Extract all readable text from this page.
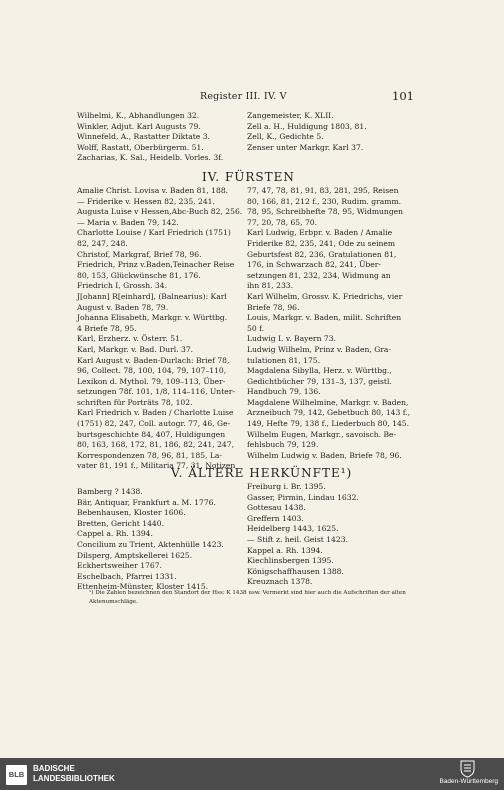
Register III. IV. V	101
Wilhelmi, K., Abhandlungen 32.
Winkler, Adjut. Karl Augusts 79.
Winnefeld, A., Rastatter Diktate 3.
Wolff, Rastatt, Oberbürgerm. 51.
Zacharias, K. Sal., Heidelb. Vorles. 3f.
Zangemeister, K. XLII.
Zell a. H., Huldigung 1803, 81.
Zell, K., Gedichte 5.
Zenser unter Markgr. Karl 37.
IV. FÜRSTEN
Amalie Christ. Lovisa v. Baden 81, 188.
— Friderike v. Hessen 82, 235, 241.
Augusta Luise v Hessen,Abc-Buch 82, 256.
— Maria v. Baden 79, 142.
Charlotte Louise / Karl Friedrich (1751)
82, 247, 248.
Christof, Markgraf, Brief 78, 96.
Friedrich, Prinz v.Baden,Teinacher Reise
80, 153, Glückwünsche 81, 176.
Friedrich I, Grossh. 34.
J[ohann] R[einhard], (Balnearius): Karl
August v. Baden 78, 79.
Johanna Elisabeth, Markgr. v. Württbg.
4 Briefe 78, 95.
Karl, Erzherz. v. Österr. 51.
Karl, Markgr. v. Bad. Durl. 37.
Karl August v. Baden-Durlach: Brief 78,
96, Collect. 78, 100, 104, 79, 107–110,
Lexikon d. Mythol. 79, 109–113, Über-
setzungen 78f. 101, 1/8, 114–116, Unter-
schriften für Porträts 78, 102.
Karl Friedrich v. Baden / Charlotte Luise
(1751) 82, 247, Coll. autogr. 77, 46, Ge-
burtsgeschichte 84, 407, Huldigungen
80, 163, 168, 172, 81, 186, 82, 241, 247,
Korrespondenzen 78, 96, 81, 185, La-
vater 81, 191 f., Militaria 77, 31, Notizen
77, 47, 78, 81, 91, 83, 281, 295, Reisen
80, 166, 81, 212 f., 230, Rudim. gramm.
78, 95, Schreibhefte 78, 95, Widmungen
77, 20, 78, 65, 70.
Karl Ludwig, Erbpr. v. Baden / Amalie
Friderike 82, 235, 241, Ode zu seinem
Geburtsfest 82, 236, Gratulationen 81,
176, in Schwarzach 82, 241, Über-
setzungen 81, 232, 234, Widmung an
ihn 81, 233.
Karl Wilhelm, Grossv. K. Friedrichs, vier
Briefe 78, 96.
Louis, Markgr. v. Baden, milit. Schriften
50 f.
Ludwig I. v. Bayern 73.
Ludwig Wilhelm, Prinz v. Baden, Gra-
tulationen 81, 175.
Magdalena Sibylla, Herz. v. Württbg.,
Gedichtbücher 79, 131–3, 137, geistl.
Handbuch 79, 136.
Magdalene Wilhelmine, Markgr. v. Baden,
Arzneibuch 79, 142, Gebetbuch 80, 143 f.,
149, Hefte 79, 138 f., Liederbuch 80, 145.
Wilhelm Eugen, Markgr., savoisch. Be-
fehlsbuch 79, 129.
Wilhelm Ludwig v. Baden, Briefe 78, 96.
V. ÄLTERE HERKÜNFTE¹)
Bamberg ? 1438.
Bär, Antiquar, Frankfurt a. M. 1776.
Bebenhausen, Kloster 1606.
Bretten, Gericht 1440.
Cappel a. Rh. 1394.
Concilium zu Trient, Aktenhülle 1423.
Dilsperg, Amptskellerei 1625.
Eckhertsweiher 1767.
Eschelbach, Pfarrei 1331.
Ettenheim-Münster, Kloster 1415.
Freiburg i. Br. 1395.
Gasser, Pirmin, Lindau 1632.
Gottesau 1438.
Greffern 1403.
Heidelberg 1443, 1625.
— Stift z. heil. Geist 1423.
Kappel a. Rh. 1394.
Kiechlinsbergen 1395.
Königschaffhausen 1388.
Kreuznach 1378.
¹) Die Zahlen bezeichnen den Standort der Hss: K 1438 usw. Vermerkt sind hier auch die Aufschriften der alten Aktenumschläge.
BLB
BADISCHE
LANDESBIBLIOTHEK	Baden-Württemberg
